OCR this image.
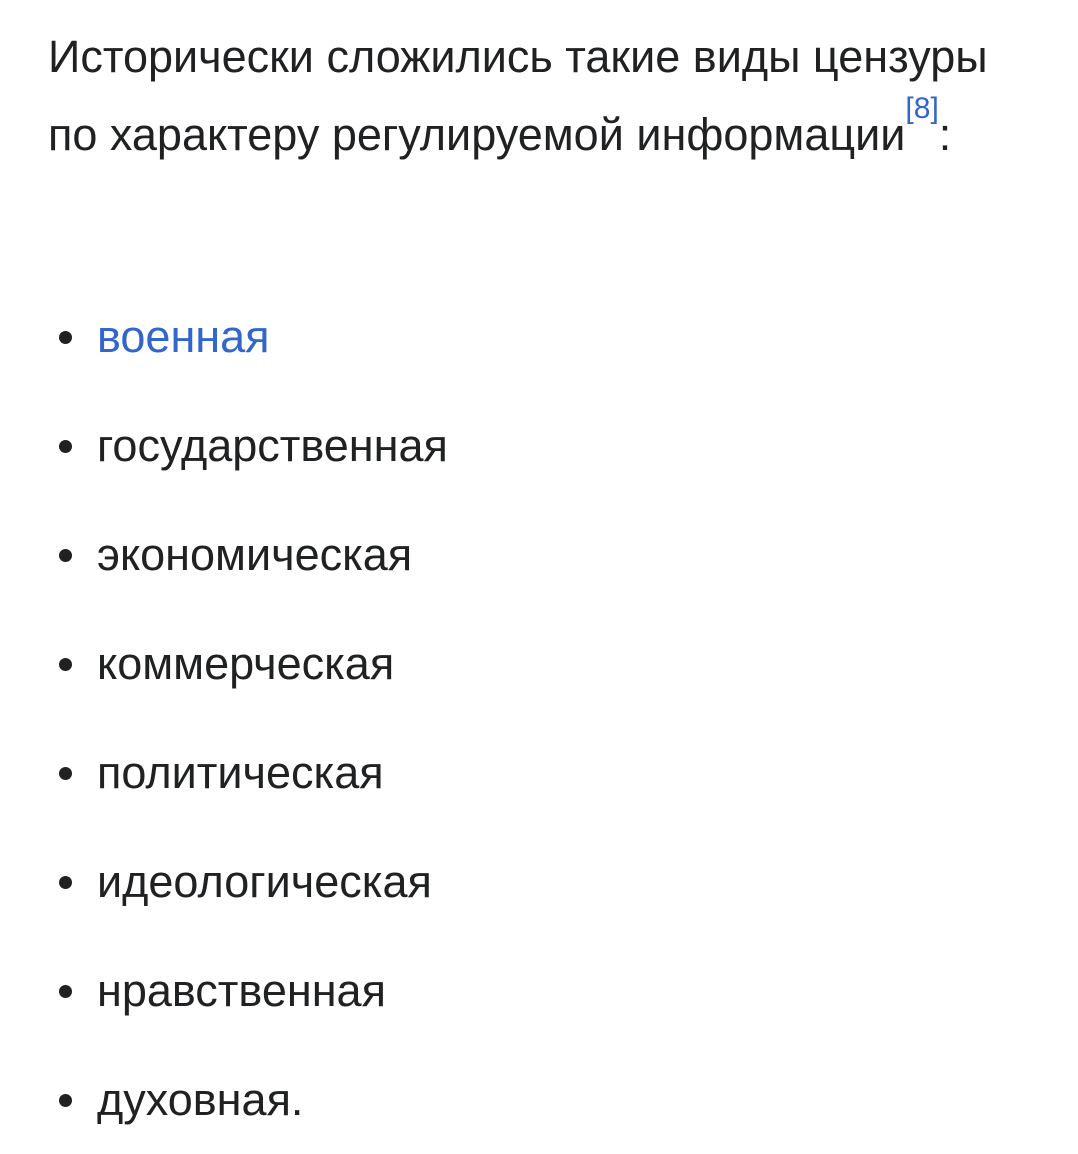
Исторически сложились такие виды цензуры по характеру регулируемой информации[8]:

военная
государственная
экономическая
коммерческая
политическая
идеологическая
нравственная
духовная.
